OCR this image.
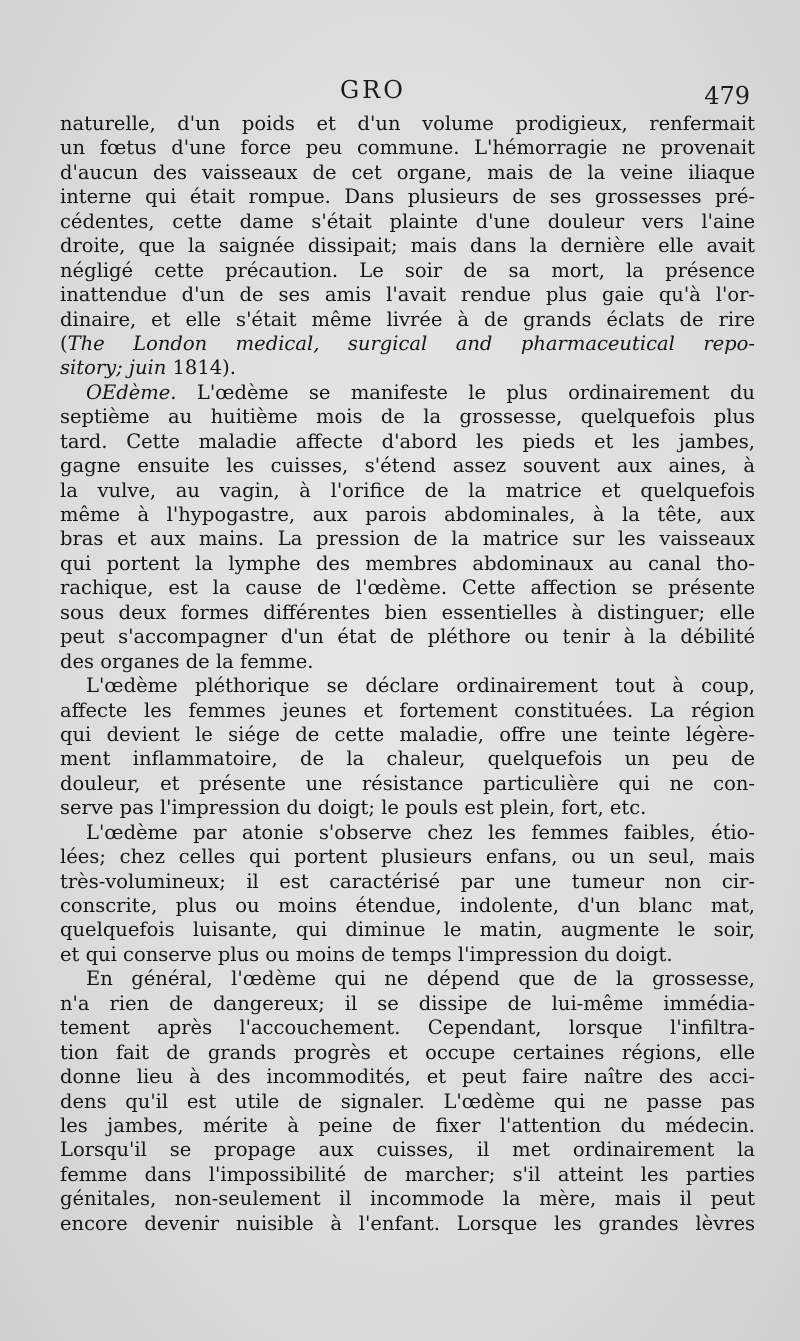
GRO	479
naturelle, d'un poids et d'un volume prodigieux, renfermait
un fœtus d'une force peu commune. L'hémorragie ne provenait
d'aucun des vaisseaux de cet organe, mais de la veine iliaque
interne qui était rompue. Dans plusieurs de ses grossesses pré-
cédentes, cette dame s'était plainte d'une douleur vers l'aine
droite, que la saignée dissipait; mais dans la dernière elle avait
négligé cette précaution. Le soir de sa mort, la présence
inattendue d'un de ses amis l'avait rendue plus gaie qu'à l'or-
dinaire, et elle s'était même livrée à de grands éclats de rire
(The London medical, surgical and pharmaceutical repo-
sitory; juin 1814).
OEdème. L'œdème se manifeste le plus ordinairement du
septième au huitième mois de la grossesse, quelquefois plus
tard. Cette maladie affecte d'abord les pieds et les jambes,
gagne ensuite les cuisses, s'étend assez souvent aux aines, à
la vulve, au vagin, à l'orifice de la matrice et quelquefois
même à l'hypogastre, aux parois abdominales, à la tête, aux
bras et aux mains. La pression de la matrice sur les vaisseaux
qui portent la lymphe des membres abdominaux au canal tho-
rachique, est la cause de l'œdème. Cette affection se présente
sous deux formes différentes bien essentielles à distinguer; elle
peut s'accompagner d'un état de pléthore ou tenir à la débilité
des organes de la femme.
L'œdème pléthorique se déclare ordinairement tout à coup,
affecte les femmes jeunes et fortement constituées. La région
qui devient le siége de cette maladie, offre une teinte légère-
ment inflammatoire, de la chaleur, quelquefois un peu de
douleur, et présente une résistance particulière qui ne con-
serve pas l'impression du doigt; le pouls est plein, fort, etc.
L'œdème par atonie s'observe chez les femmes faibles, étio-
lées; chez celles qui portent plusieurs enfans, ou un seul, mais
très-volumineux; il est caractérisé par une tumeur non cir-
conscrite, plus ou moins étendue, indolente, d'un blanc mat,
quelquefois luisante, qui diminue le matin, augmente le soir,
et qui conserve plus ou moins de temps l'impression du doigt.
En général, l'œdème qui ne dépend que de la grossesse,
n'a rien de dangereux; il se dissipe de lui-même immédia-
tement après l'accouchement. Cependant, lorsque l'infiltra-
tion fait de grands progrès et occupe certaines régions, elle
donne lieu à des incommodités, et peut faire naître des acci-
dens qu'il est utile de signaler. L'œdème qui ne passe pas
les jambes, mérite à peine de fixer l'attention du médecin.
Lorsqu'il se propage aux cuisses, il met ordinairement la
femme dans l'impossibilité de marcher; s'il atteint les parties
génitales, non-seulement il incommode la mère, mais il peut
encore devenir nuisible à l'enfant. Lorsque les grandes lèvres
